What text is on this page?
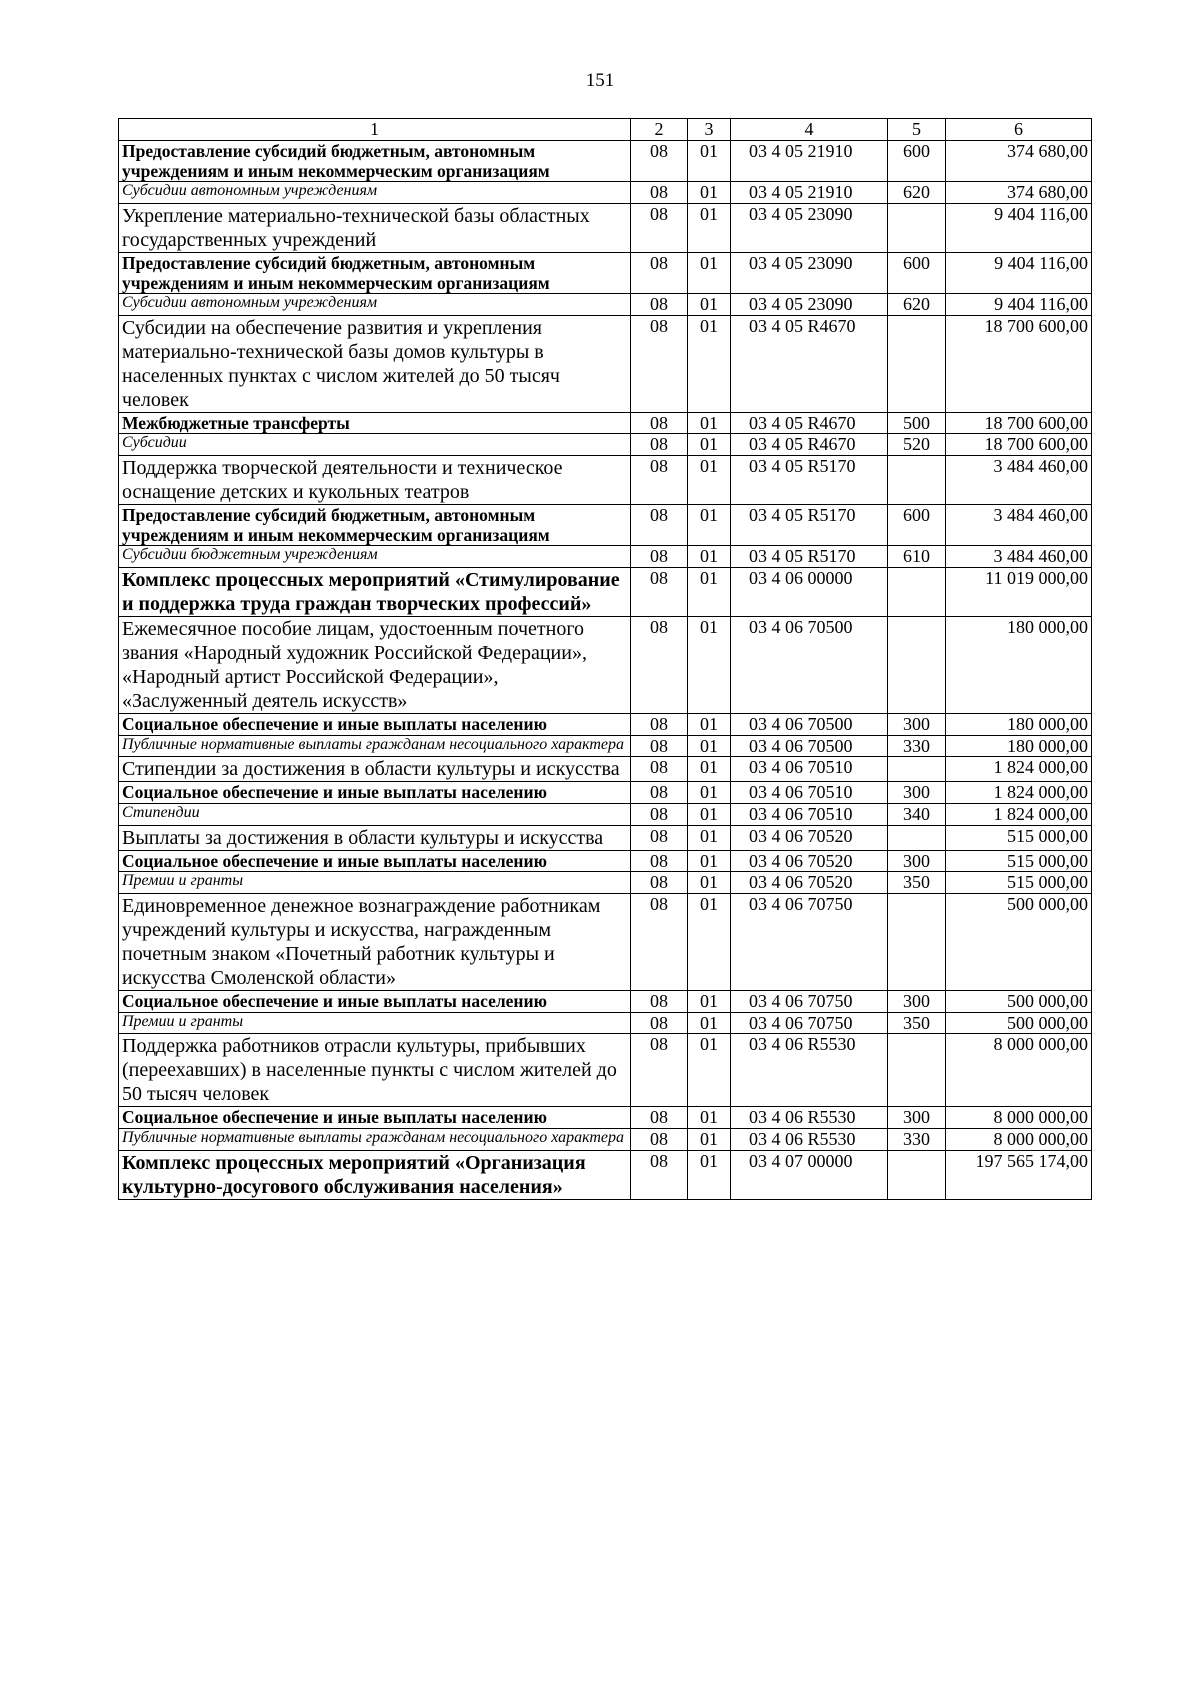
151
1	2	3	4	5	6
Предоставление субсидий бюджетным, автономным учреждениям и иным некоммерческим организациям	08	01	03 4 05 21910	600	374 680,00
Субсидии автономным учреждениям	08	01	03 4 05 21910	620	374 680,00
Укрепление материально-технической базы областных государственных учреждений	08	01	03 4 05 23090		9 404 116,00
Предоставление субсидий бюджетным, автономным учреждениям и иным некоммерческим организациям	08	01	03 4 05 23090	600	9 404 116,00
Субсидии автономным учреждениям	08	01	03 4 05 23090	620	9 404 116,00
Субсидии на обеспечение развития и укрепления материально-технической базы домов культуры в населенных пунктах с числом жителей до 50 тысяч человек	08	01	03 4 05 R4670		18 700 600,00
Межбюджетные трансферты	08	01	03 4 05 R4670	500	18 700 600,00
Субсидии	08	01	03 4 05 R4670	520	18 700 600,00
Поддержка творческой деятельности и техническое оснащение детских и кукольных театров	08	01	03 4 05 R5170		3 484 460,00
Предоставление субсидий бюджетным, автономным учреждениям и иным некоммерческим организациям	08	01	03 4 05 R5170	600	3 484 460,00
Субсидии бюджетным учреждениям	08	01	03 4 05 R5170	610	3 484 460,00
Комплекс процессных мероприятий «Стимулирование и поддержка труда граждан творческих профессий»	08	01	03 4 06 00000		11 019 000,00
Ежемесячное пособие лицам, удостоенным почетного звания «Народный художник Российской Федерации», «Народный артист Российской Федерации», «Заслуженный деятель искусств»	08	01	03 4 06 70500		180 000,00
Социальное обеспечение и иные выплаты населению	08	01	03 4 06 70500	300	180 000,00
Публичные нормативные выплаты гражданам несоциального характера	08	01	03 4 06 70500	330	180 000,00
Стипендии за достижения в области культуры и искусства	08	01	03 4 06 70510		1 824 000,00
Социальное обеспечение и иные выплаты населению	08	01	03 4 06 70510	300	1 824 000,00
Стипендии	08	01	03 4 06 70510	340	1 824 000,00
Выплаты за достижения в области культуры и искусства	08	01	03 4 06 70520		515 000,00
Социальное обеспечение и иные выплаты населению	08	01	03 4 06 70520	300	515 000,00
Премии и гранты	08	01	03 4 06 70520	350	515 000,00
Единовременное денежное вознаграждение работникам учреждений культуры и искусства, награжденным почетным знаком «Почетный работник культуры и искусства Смоленской области»	08	01	03 4 06 70750		500 000,00
Социальное обеспечение и иные выплаты населению	08	01	03 4 06 70750	300	500 000,00
Премии и гранты	08	01	03 4 06 70750	350	500 000,00
Поддержка работников отрасли культуры, прибывших (переехавших) в населенные пункты с числом жителей до 50 тысяч человек	08	01	03 4 06 R5530		8 000 000,00
Социальное обеспечение и иные выплаты населению	08	01	03 4 06 R5530	300	8 000 000,00
Публичные нормативные выплаты гражданам несоциального характера	08	01	03 4 06 R5530	330	8 000 000,00
Комплекс процессных мероприятий «Организация культурно-досугового обслуживания населения»	08	01	03 4 07 00000		197 565 174,00
